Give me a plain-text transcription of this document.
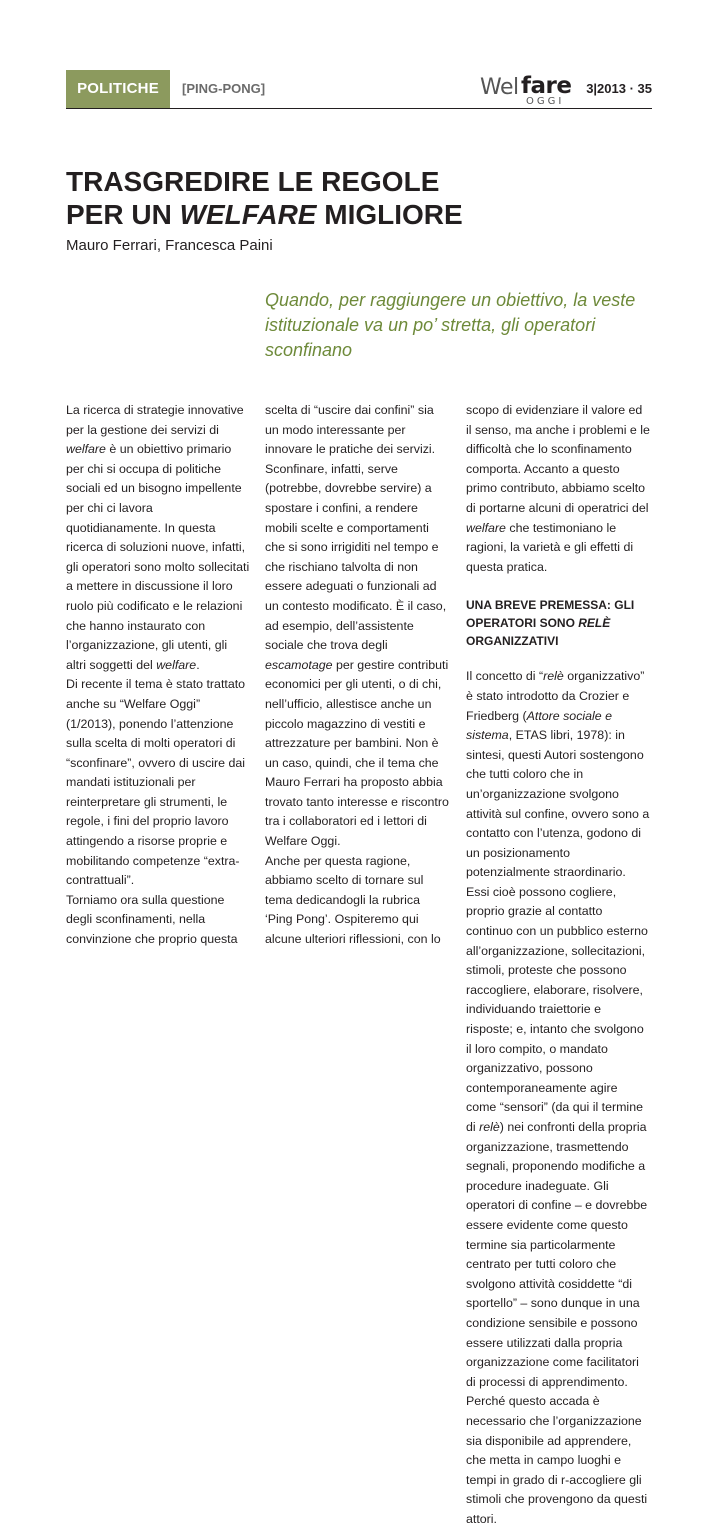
POLITICHE	[PING-PONG]	Wel fare
OGGI
3|2013 · 35
TRASGREDIRE LE REGOLE
PER UN WELFARE MIGLIORE
Mauro Ferrari, Francesca Paini

Quando, per raggiungere un obiettivo, la veste istituzionale va un po’ stretta, gli operatori sconfinano

La ricerca di strategie innovative per la gestione dei servizi di welfare è un obiettivo primario per chi si occupa di politiche sociali ed un bisogno impellente per chi ci lavora quotidianamente. In questa ricerca di soluzioni nuove, infatti, gli operatori sono molto sollecitati a mettere in discussione il loro ruolo più codificato e le relazioni che hanno instaurato con l’organizzazione, gli utenti, gli altri soggetti del welfare.

Di recente il tema è stato trattato anche su “Welfare Oggi” (1/2013), ponendo l’attenzione sulla scelta di molti operatori di “sconfinare”, ovvero di uscire dai mandati istituzionali per reinterpretare gli strumenti, le regole, i fini del proprio lavoro attingendo a risorse proprie e mobilitando competenze “extra-contrattuali”.

Torniamo ora sulla questione degli sconfinamenti, nella convinzione che proprio questa

scelta di “uscire dai confini” sia un modo interessante per innovare le pratiche dei servizi. Sconfinare, infatti, serve (potrebbe, dovrebbe servire) a spostare i confini, a rendere mobili scelte e comportamenti che si sono irrigiditi nel tempo e che rischiano talvolta di non essere adeguati o funzionali ad un contesto modificato. È il caso, ad esempio, dell’assistente sociale che trova degli escamotage per gestire contributi economici per gli utenti, o di chi, nell’ufficio, allestisce anche un piccolo magazzino di vestiti e attrezzature per bambini. Non è un caso, quindi, che il tema che Mauro Ferrari ha proposto abbia trovato tanto interesse e riscontro tra i collaboratori ed i lettori di Welfare Oggi.

Anche per questa ragione, abbiamo scelto di tornare sul tema dedicandogli la rubrica ‘Ping Pong’. Ospiteremo qui alcune ulteriori riflessioni, con lo

scopo di evidenziare il valore ed il senso, ma anche i problemi e le difficoltà che lo sconfinamento comporta. Accanto a questo primo contributo, abbiamo scelto di portarne alcuni di operatrici del welfare che testimoniano le ragioni, la varietà e gli effetti di questa pratica.

UNA BREVE PREMESSA: GLI OPERATORI SONO RELÈ ORGANIZZATIVI

Il concetto di “relè organizzativo” è stato introdotto da Crozier e Friedberg (Attore sociale e sistema, ETAS libri, 1978): in sintesi, questi Autori sostengono che tutti coloro che in un’organizzazione svolgono attività sul confine, ovvero sono a contatto con l’utenza, godono di un posizionamento potenzialmente straordinario. Essi cioè possono cogliere, proprio grazie al contatto continuo con un pubblico esterno all’organizzazione, sollecitazioni, stimoli, proteste che possono raccogliere, elaborare, risolvere, individuando traiettorie e risposte; e, intanto che svolgono il loro compito, o mandato organizzativo, possono contemporaneamente agire come “sensori” (da qui il termine di relè) nei confronti della propria organizzazione, trasmettendo segnali, proponendo modifiche a procedure inadeguate. Gli operatori di confine – e dovrebbe essere evidente come questo termine sia particolarmente centrato per tutti coloro che svolgono attività cosiddette “di sportello” – sono dunque in una condizione sensibile e possono essere utilizzati dalla propria organizzazione come facilitatori di processi di apprendimento.

Perché questo accada è necessario che l’organizzazione sia disponibile ad apprendere, che metta in campo luoghi e tempi in grado di r-accogliere gli stimoli che provengono da questi attori.
